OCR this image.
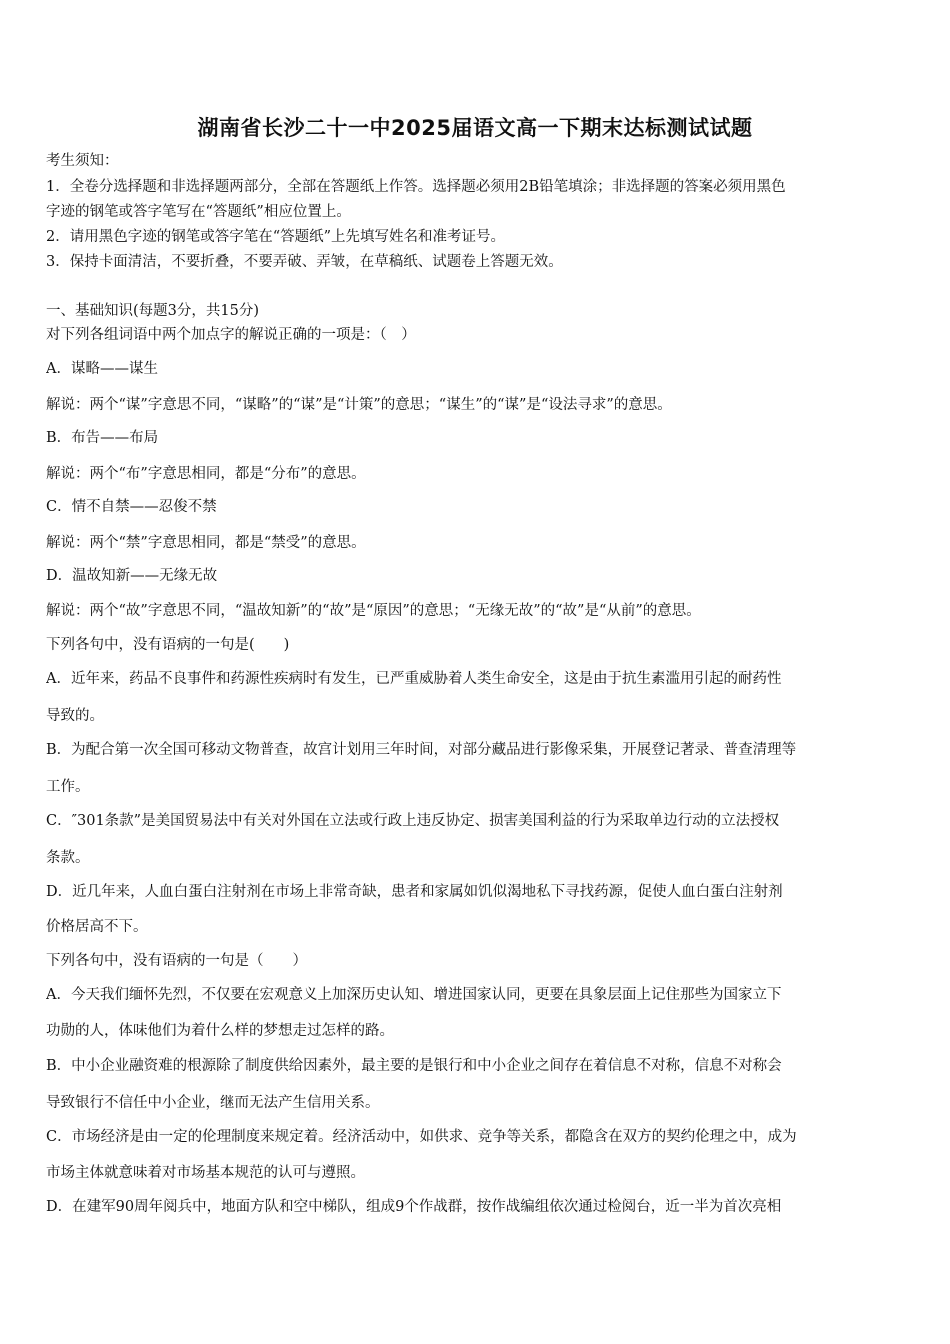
湖南省长沙二十一中2025届语文高一下期末达标测试试题
考生须知：
1．全卷分选择题和非选择题两部分，全部在答题纸上作答。选择题必须用2B铅笔填涂；非选择题的答案必须用黑色
字迹的钢笔或答字笔写在“答题纸”相应位置上。
2．请用黑色字迹的钢笔或答字笔在“答题纸”上先填写姓名和准考证号。
3．保持卡面清洁，不要折叠，不要弄破、弄皱，在草稿纸、试题卷上答题无效。
一、基础知识(每题3分，共15分)
对下列各组词语中两个加点字的解说正确的一项是：（　）
A．谋略——谋生
解说：两个“谋”字意思不同，“谋略”的“谋”是“计策”的意思；“谋生”的“谋”是“设法寻求”的意思。
B．布告——布局
解说：两个“布”字意思相同，都是“分布”的意思。
C．情不自禁——忍俊不禁
解说：两个“禁”字意思相同，都是“禁受”的意思。
D．温故知新——无缘无故
解说：两个“故”字意思不同，“温故知新”的“故”是“原因”的意思；“无缘无故”的“故”是“从前”的意思。
下列各句中，没有语病的一句是(　　)
A．近年来，药品不良事件和药源性疾病时有发生，已严重威胁着人类生命安全，这是由于抗生素滥用引起的耐药性
导致的。
B．为配合第一次全国可移动文物普查，故宫计划用三年时间，对部分藏品进行影像采集，开展登记著录、普查清理等
工作。
C．″301条款”是美国贸易法中有关对外国在立法或行政上违反协定、损害美国利益的行为采取单边行动的立法授权
条款。
D．近几年来，人血白蛋白注射剂在市场上非常奇缺，患者和家属如饥似渴地私下寻找药源，促使人血白蛋白注射剂
价格居高不下。
下列各句中，没有语病的一句是（　　）
A．今天我们缅怀先烈，不仅要在宏观意义上加深历史认知、增进国家认同，更要在具象层面上记住那些为国家立下
功勋的人，体味他们为着什么样的梦想走过怎样的路。
B．中小企业融资难的根源除了制度供给因素外，最主要的是银行和中小企业之间存在着信息不对称，信息不对称会
导致银行不信任中小企业，继而无法产生信用关系。
C．市场经济是由一定的伦理制度来规定着。经济活动中，如供求、竞争等关系，都隐含在双方的契约伦理之中，成为
市场主体就意味着对市场基本规范的认可与遵照。
D．在建军90周年阅兵中，地面方队和空中梯队，组成9个作战群，按作战编组依次通过检阅台，近一半为首次亮相
